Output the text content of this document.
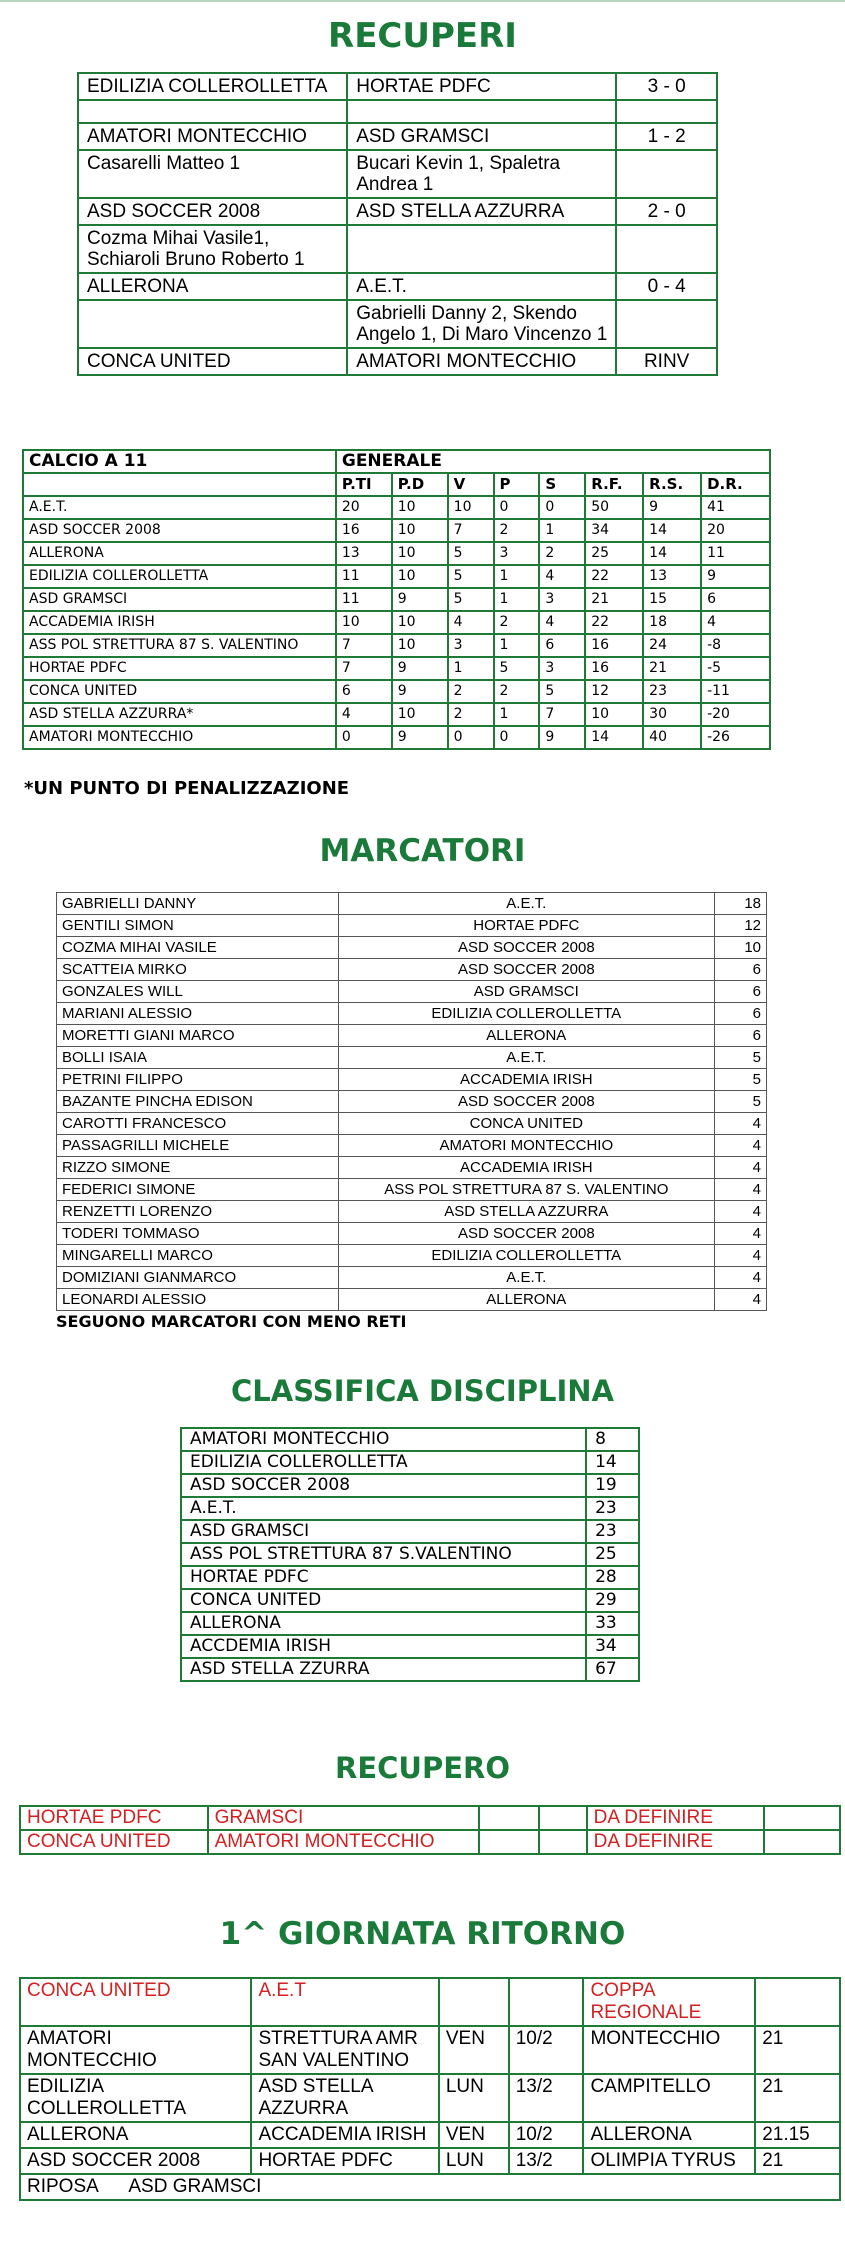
RECUPERI
EDILIZIA COLLEROLLETTA	HORTAE PDFC	3 - 0

AMATORI MONTECCHIO	ASD GRAMSCI	1 - 2
Casarelli Matteo 1	Bucari Kevin 1, Spaletra Andrea 1	
ASD SOCCER 2008	ASD STELLA AZZURRA	2 - 0
Cozma Mihai Vasile1, Schiaroli Bruno Roberto 1		
ALLERONA	A.E.T.	0 - 4
	Gabrielli Danny 2, Skendo Angelo 1, Di Maro Vincenzo 1	
CONCA UNITED	AMATORI MONTECCHIO	RINV
CALCIO A 11	GENERALE							
	P.TI	P.D	V	P	S	R.F.	R.S.	D.R.
A.E.T.	20	10	10	0	0	50	9	41
ASD SOCCER 2008	16	10	7	2	1	34	14	20
ALLERONA	13	10	5	3	2	25	14	11
EDILIZIA COLLEROLLETTA	11	10	5	1	4	22	13	9
ASD GRAMSCI	11	9	5	1	3	21	15	6
ACCADEMIA IRISH	10	10	4	2	4	22	18	4
ASS POL STRETTURA 87 S. VALENTINO	7	10	3	1	6	16	24	-8
HORTAE PDFC	7	9	1	5	3	16	21	-5
CONCA UNITED	6	9	2	2	5	12	23	-11
ASD STELLA AZZURRA*	4	10	2	1	7	10	30	-20
AMATORI MONTECCHIO	0	9	0	0	9	14	40	-26
*UN PUNTO DI PENALIZZAZIONE
MARCATORI
GABRIELLI DANNY	A.E.T.	18
GENTILI SIMON	HORTAE PDFC	12
COZMA MIHAI VASILE	ASD SOCCER 2008	10
SCATTEIA MIRKO	ASD SOCCER 2008	6
GONZALES WILL	ASD GRAMSCI	6
MARIANI ALESSIO	EDILIZIA COLLEROLLETTA	6
MORETTI GIANI MARCO	ALLERONA	6
BOLLI ISAIA	A.E.T.	5
PETRINI FILIPPO	ACCADEMIA IRISH	5
BAZANTE PINCHA EDISON	ASD SOCCER 2008	5
CAROTTI FRANCESCO	CONCA UNITED	4
PASSAGRILLI MICHELE	AMATORI MONTECCHIO	4
RIZZO SIMONE	ACCADEMIA IRISH	4
FEDERICI SIMONE	ASS POL STRETTURA 87 S. VALENTINO	4
RENZETTI LORENZO	ASD STELLA AZZURRA	4
TODERI TOMMASO	ASD SOCCER 2008	4
MINGARELLI MARCO	EDILIZIA COLLEROLLETTA	4
DOMIZIANI GIANMARCO	A.E.T.	4
LEONARDI ALESSIO	ALLERONA	4
SEGUONO MARCATORI CON MENO RETI
CLASSIFICA DISCIPLINA
AMATORI MONTECCHIO	8
EDILIZIA COLLEROLLETTA	14
ASD SOCCER 2008	19
A.E.T.	23
ASD GRAMSCI	23
ASS POL STRETTURA 87 S.VALENTINO	25
HORTAE PDFC	28
CONCA UNITED	29
ALLERONA	33
ACCDEMIA IRISH	34
ASD STELLA ZZURRA	67
RECUPERO
HORTAE PDFC	GRAMSCI			DA DEFINIRE	
CONCA UNITED	AMATORI MONTECCHIO			DA DEFINIRE	
1^ GIORNATA RITORNO
CONCA UNITED	A.E.T			COPPA REGIONALE	
AMATORI MONTECCHIO	STRETTURA AMR SAN VALENTINO	VEN	10/2	MONTECCHIO	21
EDILIZIA COLLEROLLETTA	ASD STELLA AZZURRA	LUN	13/2	CAMPITELLO	21
ALLERONA	ACCADEMIA IRISH	VEN	10/2	ALLERONA	21.15
ASD SOCCER 2008	HORTAE PDFC	LUN	13/2	OLIMPIA TYRUS	21
RIPOSA      ASD GRAMSCI					
